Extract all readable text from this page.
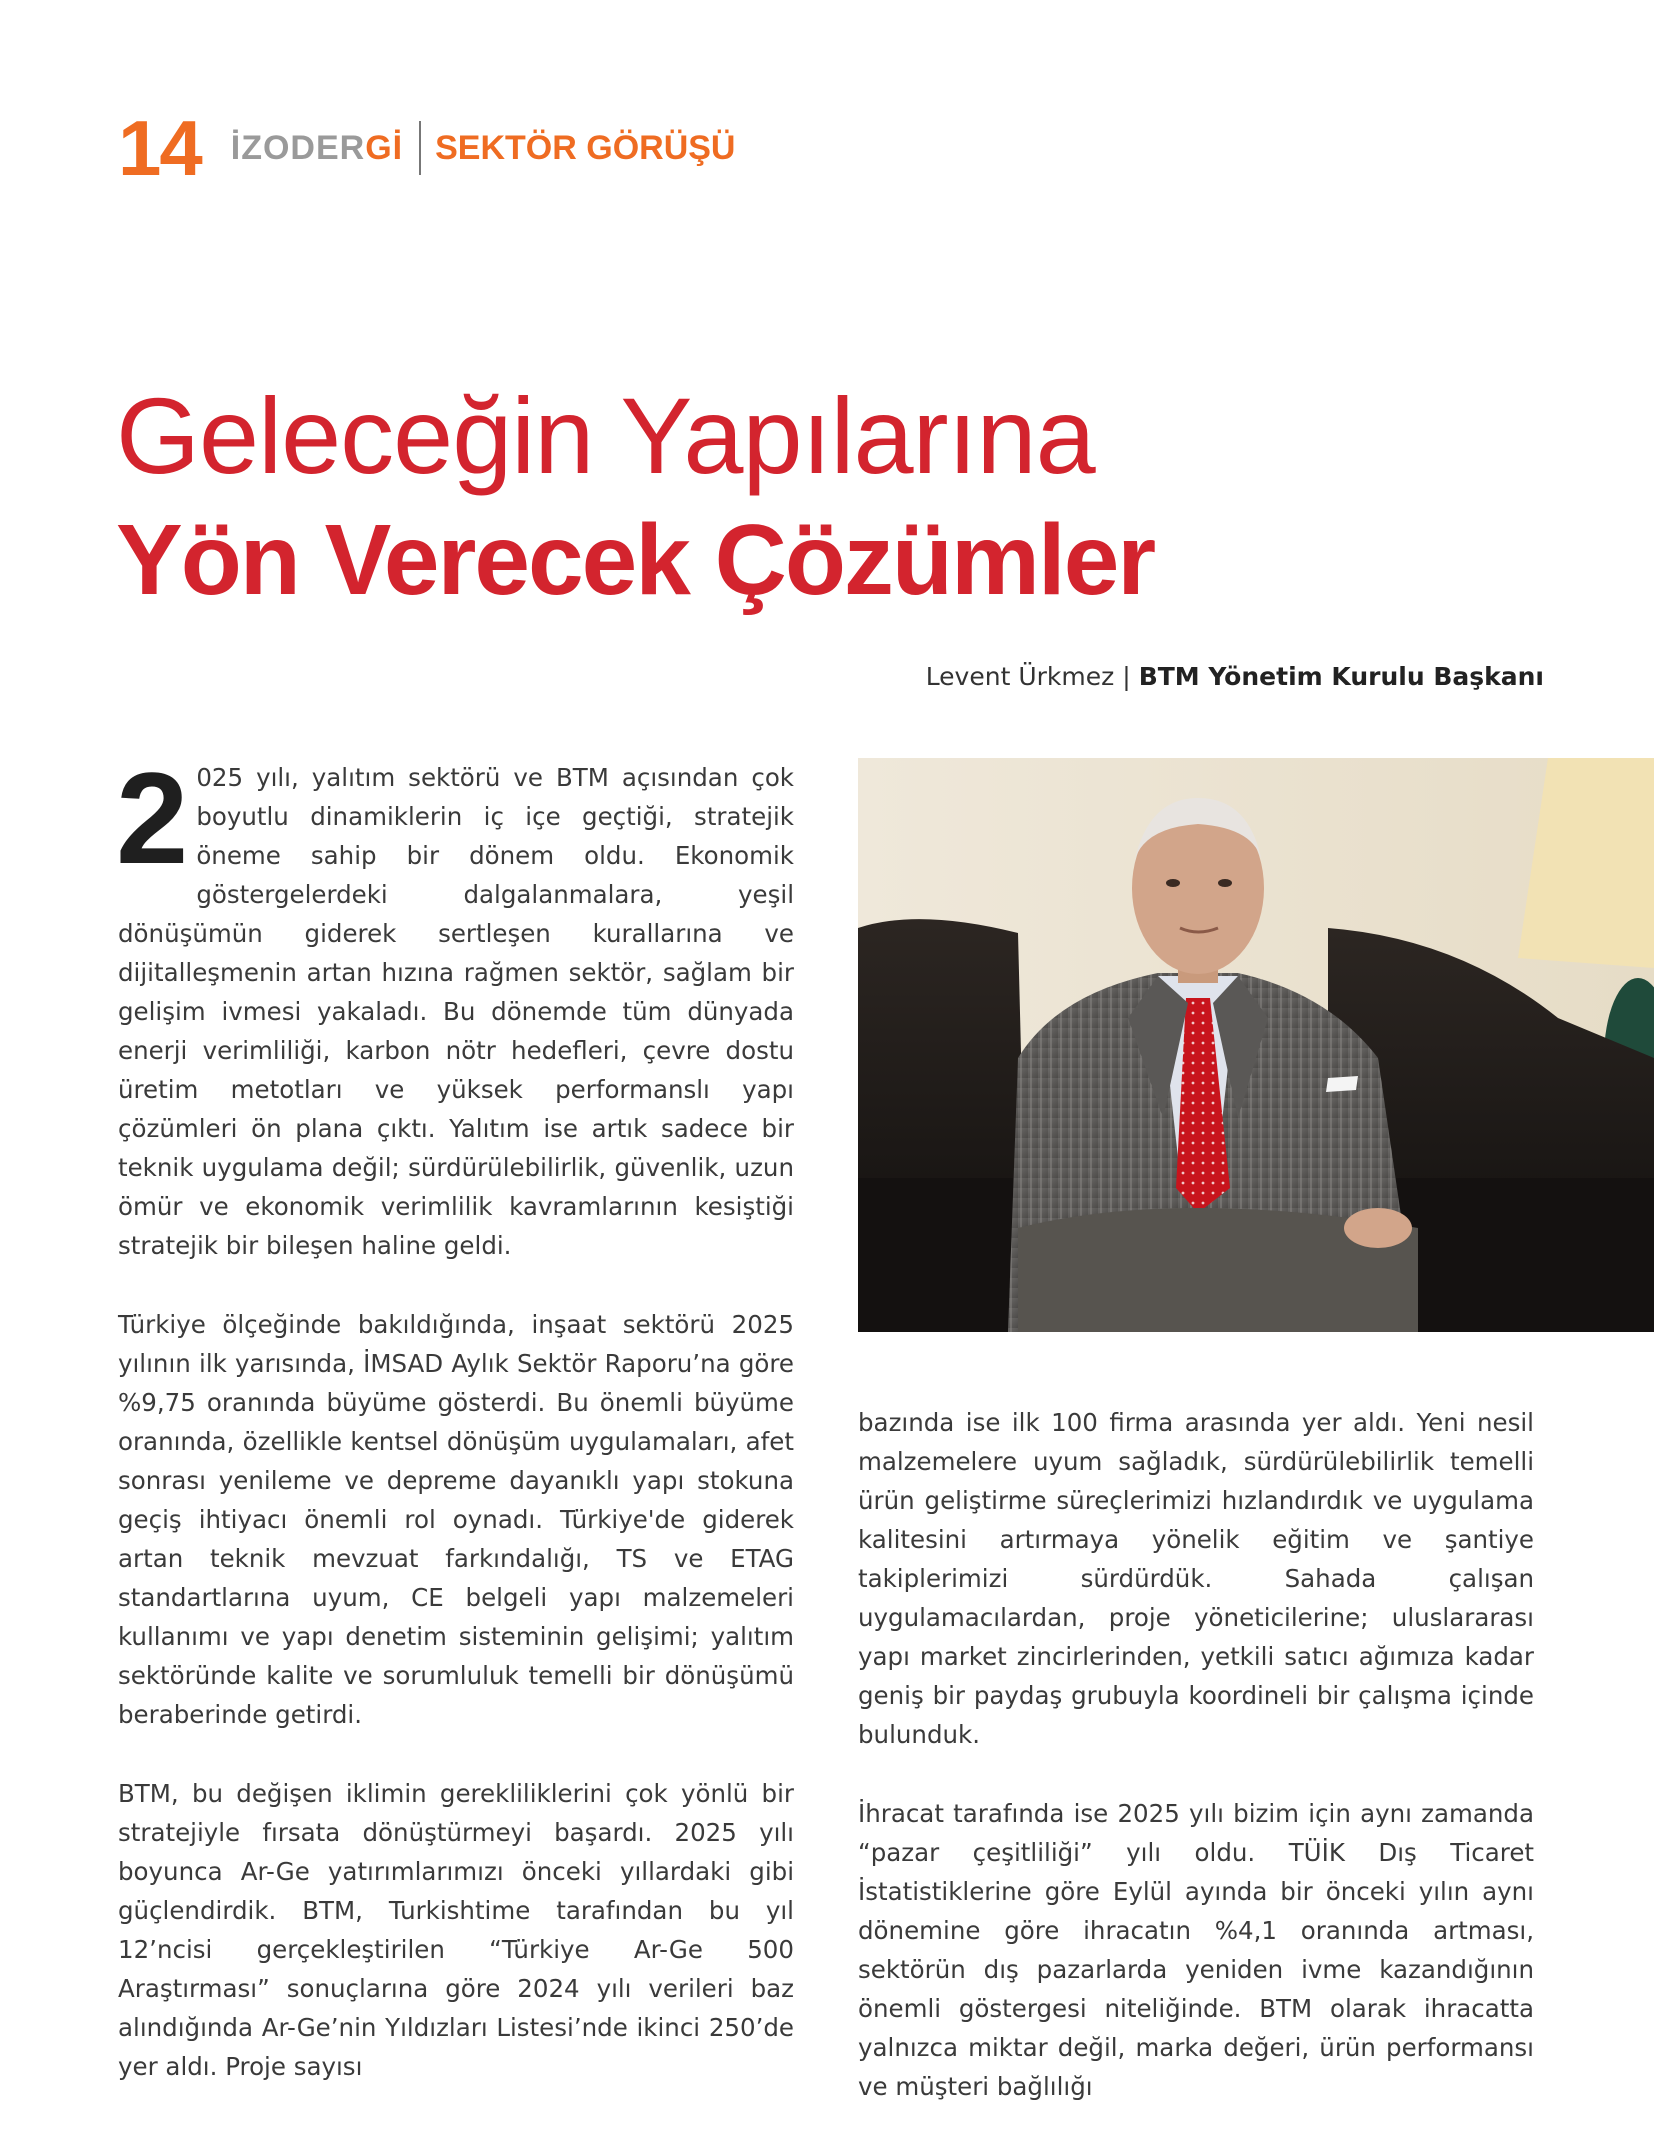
14 İZODERGİ SEKTÖR GÖRÜŞÜ
Geleceğin Yapılarına
Yön Verecek Çözümler
Levent Ürkmez | BTM Yönetim Kurulu Başkanı

2 025 yılı, yalıtım sektörü ve BTM açısından çok boyutlu dinamiklerin iç içe geçtiği, stratejik öneme sahip bir dönem oldu. Ekonomik göstergelerdeki dalgalanmalara, yeşil dönüşümün giderek sertleşen kurallarına ve dijitalleşmenin artan hızına rağmen sektör, sağlam bir gelişim ivmesi yakaladı. Bu dönemde tüm dünyada enerji verimliliği, karbon nötr hedefleri, çevre dostu üretim metotları ve yüksek performanslı yapı çözümleri ön plana çıktı. Yalıtım ise artık sadece bir teknik uygulama değil; sürdürülebilirlik, güvenlik, uzun ömür ve ekonomik verimlilik kavramlarının kesiştiği stratejik bir bileşen haline geldi.

Türkiye ölçeğinde bakıldığında, inşaat sektörü 2025 yılının ilk yarısında, İMSAD Aylık Sektör Raporu’na göre %9,75 oranında büyüme gösterdi. Bu önemli büyüme oranında, özellikle kentsel dönüşüm uygulamaları, afet sonrası yenileme ve depreme dayanıklı yapı stokuna geçiş ihtiyacı önemli rol oynadı. Türkiye'de giderek artan teknik mevzuat farkındalığı, TS ve ETAG standartlarına uyum, CE belgeli yapı malzemeleri kullanımı ve yapı denetim sisteminin gelişimi; yalıtım sektöründe kalite ve sorumluluk temelli bir dönüşümü beraberinde getirdi.

BTM, bu değişen iklimin gerekliliklerini çok yönlü bir stratejiyle fırsata dönüştürmeyi başardı. 2025 yılı boyunca Ar-Ge yatırımlarımızı önceki yıllardaki gibi güçlendirdik. BTM, Turkishtime tarafından bu yıl 12’ncisi gerçekleştirilen “Türkiye Ar-Ge 500 Araştırması” sonuçlarına göre 2024 yılı verileri baz alındığında Ar-Ge’nin Yıldızları Listesi’nde ikinci 250’de yer aldı. Proje sayısı

bazında ise ilk 100 firma arasında yer aldı. Yeni nesil malzemelere uyum sağladık, sürdürülebilirlik temelli ürün geliştirme süreçlerimizi hızlandırdık ve uygulama kalitesini artırmaya yönelik eğitim ve şantiye takiplerimizi sürdürdük. Sahada çalışan uygulamacılardan, proje yöneticilerine; uluslararası yapı market zincirlerinden, yetkili satıcı ağımıza kadar geniş bir paydaş grubuyla koordineli bir çalışma içinde bulunduk.

İhracat tarafında ise 2025 yılı bizim için aynı zamanda “pazar çeşitliliği” yılı oldu. TÜİK Dış Ticaret İstatistiklerine göre Eylül ayında bir önceki yılın aynı dönemine göre ihracatın %4,1 oranında artması, sektörün dış pazarlarda yeniden ivme kazandığının önemli göstergesi niteliğinde. BTM olarak ihracatta yalnızca miktar değil, marka değeri, ürün performansı ve müşteri bağlılığı
